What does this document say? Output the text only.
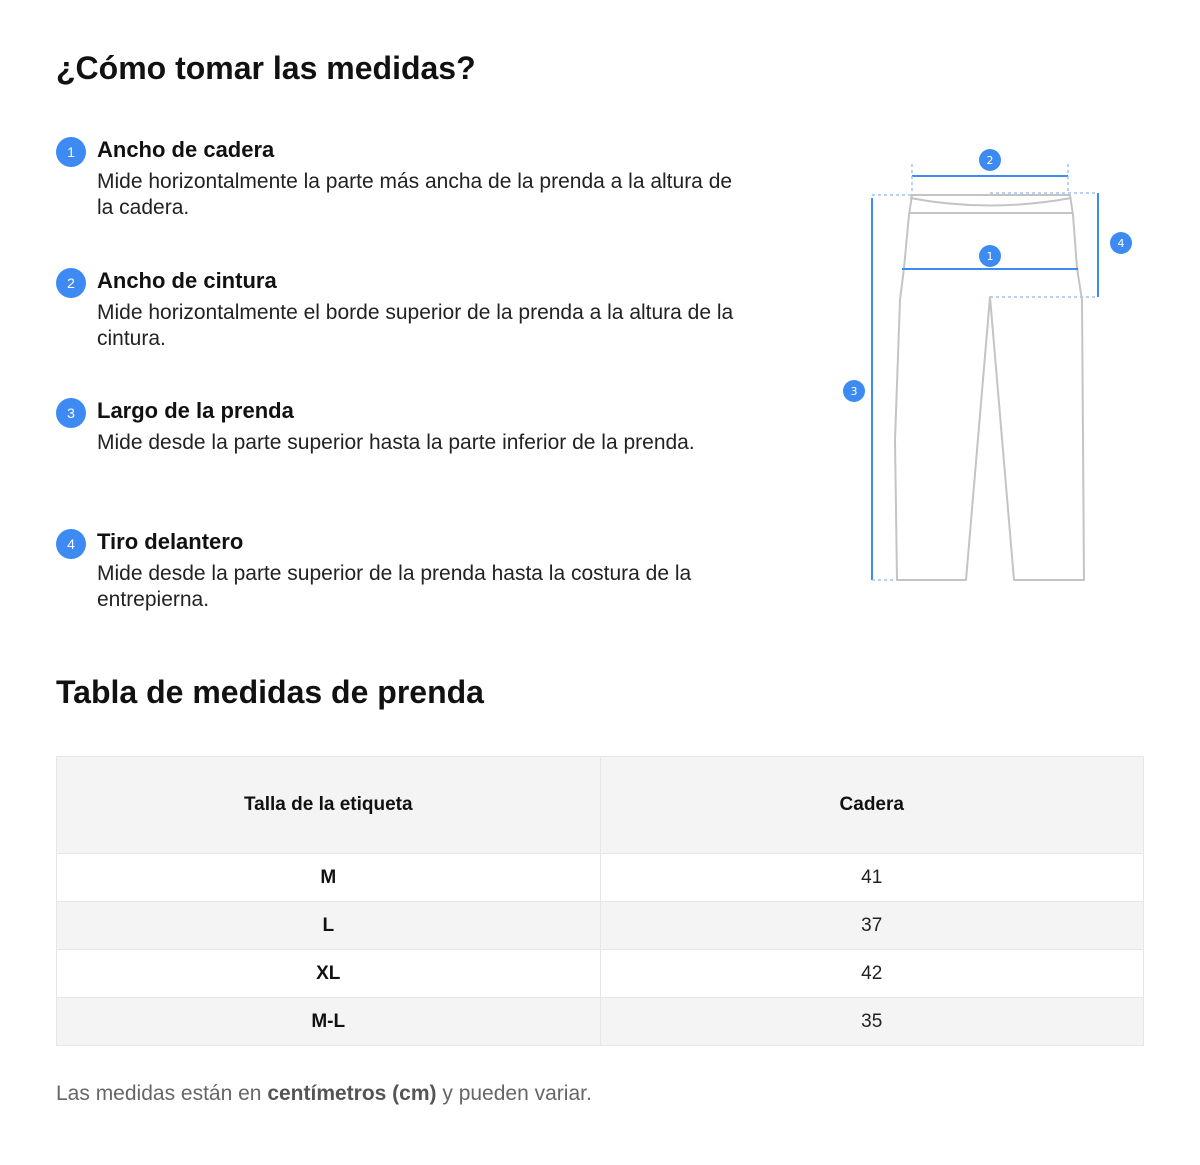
¿Cómo tomar las medidas?
1	Ancho de cadera
Mide horizontalmente la parte más ancha de la prenda a la altura de la cadera.
2	Ancho de cintura
Mide horizontalmente el borde superior de la prenda a la altura de la cintura.
3	Largo de la prenda
Mide desde la parte superior hasta la parte inferior de la prenda.
4	Tiro delantero
Mide desde la parte superior de la prenda hasta la costura de la entrepierna.
1
2
3
4
Tabla de medidas de prenda
Talla de la etiqueta	Cadera
M	41
L	37
XL	42
M-L	35

Las medidas están en centímetros (cm) y pueden variar.
